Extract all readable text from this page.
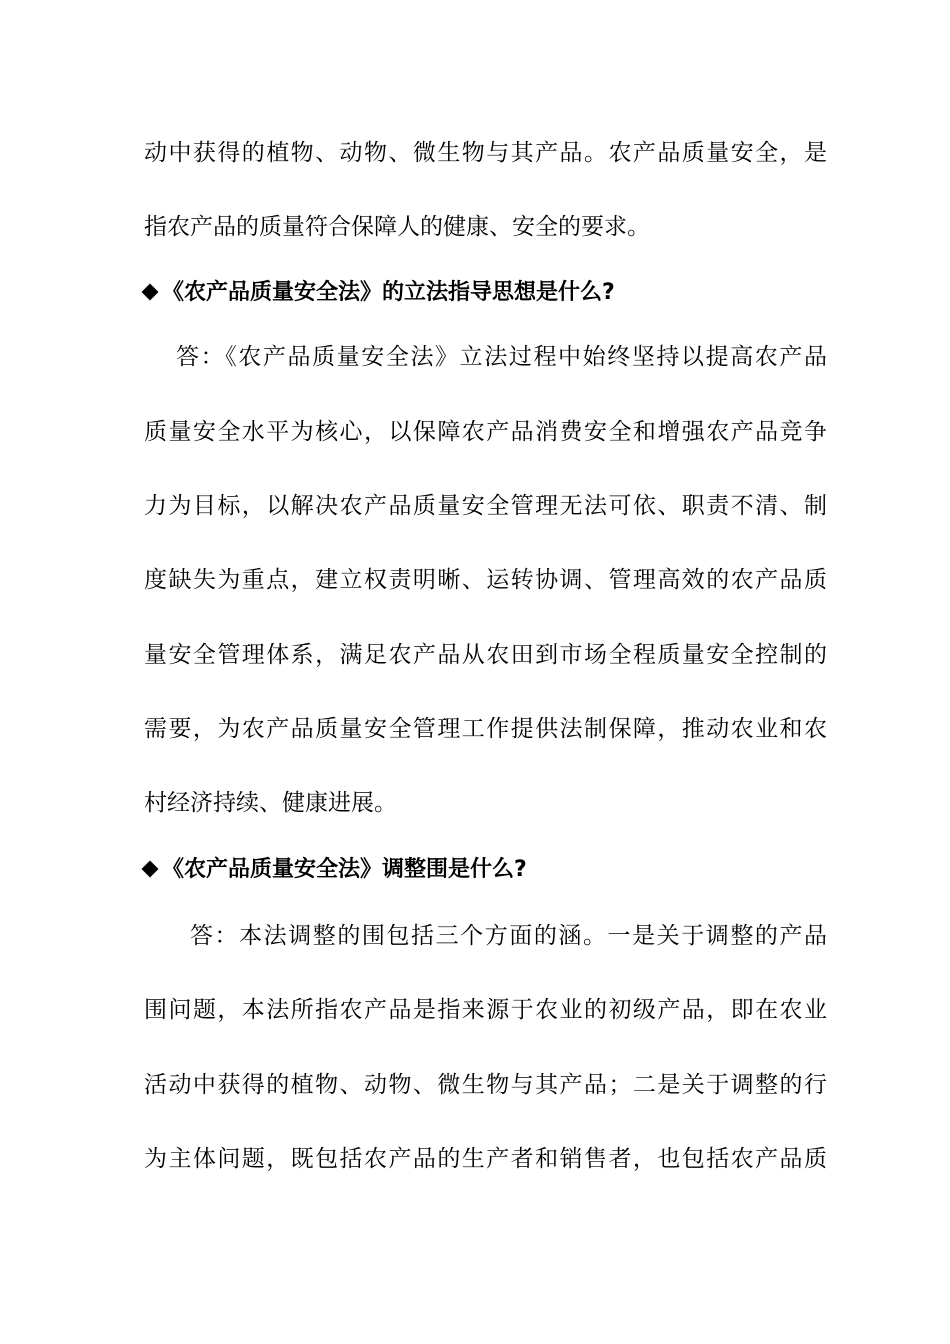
动中获得的植物、动物、微生物与其产品。农产品质量安全，是
指农产品的质量符合保障人的健康、安全的要求。
《农产品质量安全法》的立法指导思想是什么?
答：《农产品质量安全法》立法过程中始终坚持以提高农产品
质量安全水平为核心，以保障农产品消费安全和增强农产品竞争
力为目标，以解决农产品质量安全管理无法可依、职责不清、制
度缺失为重点，建立权责明晰、运转协调、管理高效的农产品质
量安全管理体系，满足农产品从农田到市场全程质量安全控制的
需要，为农产品质量安全管理工作提供法制保障，推动农业和农
村经济持续、健康进展。
《农产品质量安全法》调整围是什么?
答：本法调整的围包括三个方面的涵。一是关于调整的产品
围问题，本法所指农产品是指来源于农业的初级产品，即在农业
活动中获得的植物、动物、微生物与其产品；二是关于调整的行
为主体问题，既包括农产品的生产者和销售者，也包括农产品质
